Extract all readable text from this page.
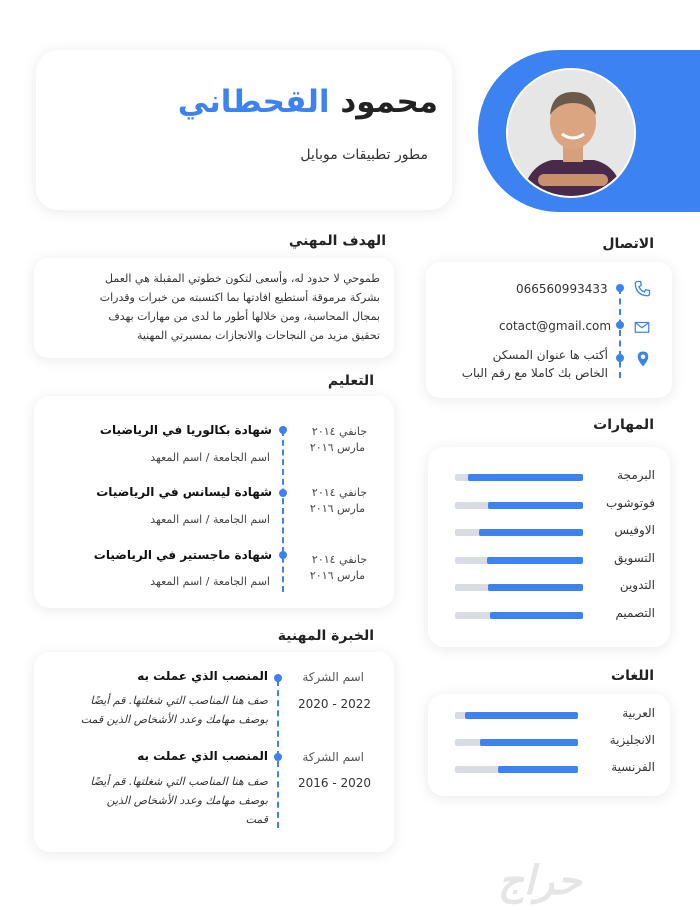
محمود القحطاني
مطور تطبيقات موبايل
الهدف المهني
طموحي لا حدود له، وأسعى لتكون خطوتي المقبلة هي العمل
بشركة مرموقة أستطيع افادتها بما اكتسبته من خبرات وقدرات
بمجال المحاسبة، ومن خلالها أطور ما لدى من مهارات بهدف
تحقيق مزيد من النجاحات والانجازات بمسيرتي المهنية
الاتصال
066560993433
cotact@gmail.com
أكتب ها عنوان المسكن
الخاص بك كاملا مع رقم الباب
التعليم
شهادة بكالوريا في الرياضيات
اسم الجامعة / اسم المعهد
جانفي ٢٠١٤
مارس ٢٠١٦
شهادة ليسانس في الرياضيات
اسم الجامعة / اسم المعهد
جانفي ٢٠١٤
مارس ٢٠١٦
شهادة ماجستير في الرياضيات
اسم الجامعة / اسم المعهد
جانفي ٢٠١٤
مارس ٢٠١٦
المهارات
البرمجة
فوتوشوب
الاوفيس
التسويق
التدوين
التصميم
الخبرة المهنية
المنصب الذي عملت به	اسم الشركة
2020 - 2022
صف هنا المناصب التي شغلتها. قم أيضًا
بوصف مهامك وعدد الأشخاص الذين قمت
المنصب الذي عملت به	اسم الشركة
2016 - 2020
صف هنا المناصب التي شغلتها. قم أيضًا
بوصف مهامك وعدد الأشخاص الذين
قمت
اللغات
العربية
الانجليزية
الفرنسية
حراج
